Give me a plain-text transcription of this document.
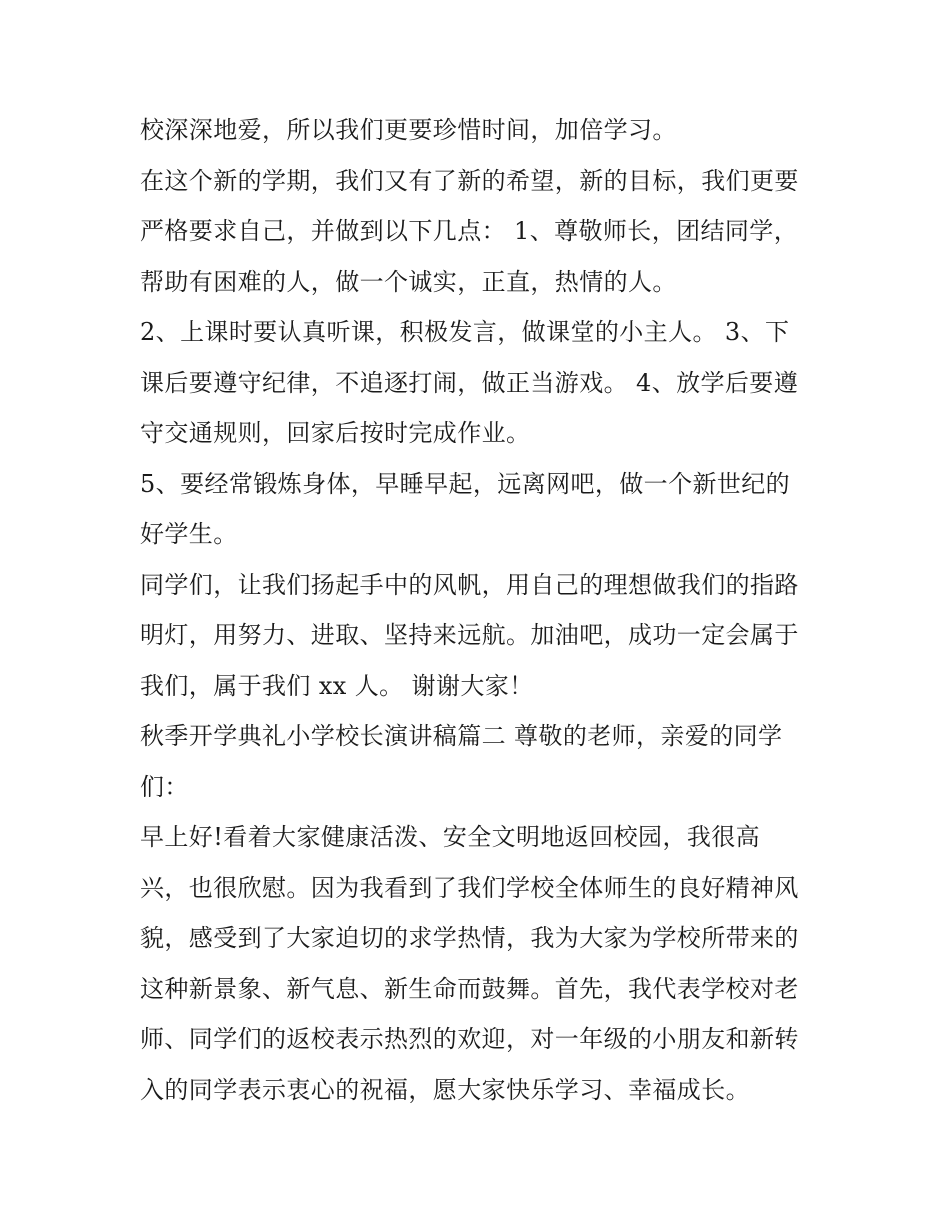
校深深地爱，所以我们更要珍惜时间，加倍学习。
在这个新的学期，我们又有了新的希望，新的目标，我们更要
严格要求自己，并做到以下几点： 1、尊敬师长，团结同学，
帮助有困难的人，做一个诚实，正直，热情的人。
2、上课时要认真听课，积极发言，做课堂的小主人。 3、下
课后要遵守纪律，不追逐打闹，做正当游戏。 4、放学后要遵
守交通规则，回家后按时完成作业。
5、要经常锻炼身体，早睡早起，远离网吧，做一个新世纪的
好学生。
同学们，让我们扬起手中的风帆，用自己的理想做我们的指路
明灯，用努力、进取、坚持来远航。加油吧，成功一定会属于
我们，属于我们 xx 人。 谢谢大家！
秋季开学典礼小学校长演讲稿篇二 尊敬的老师，亲爱的同学
们：
早上好!看着大家健康活泼、安全文明地返回校园，我很高
兴，也很欣慰。因为我看到了我们学校全体师生的良好精神风
貌，感受到了大家迫切的求学热情，我为大家为学校所带来的
这种新景象、新气息、新生命而鼓舞。首先，我代表学校对老
师、同学们的返校表示热烈的欢迎，对一年级的小朋友和新转
入的同学表示衷心的祝福，愿大家快乐学习、幸福成长。
